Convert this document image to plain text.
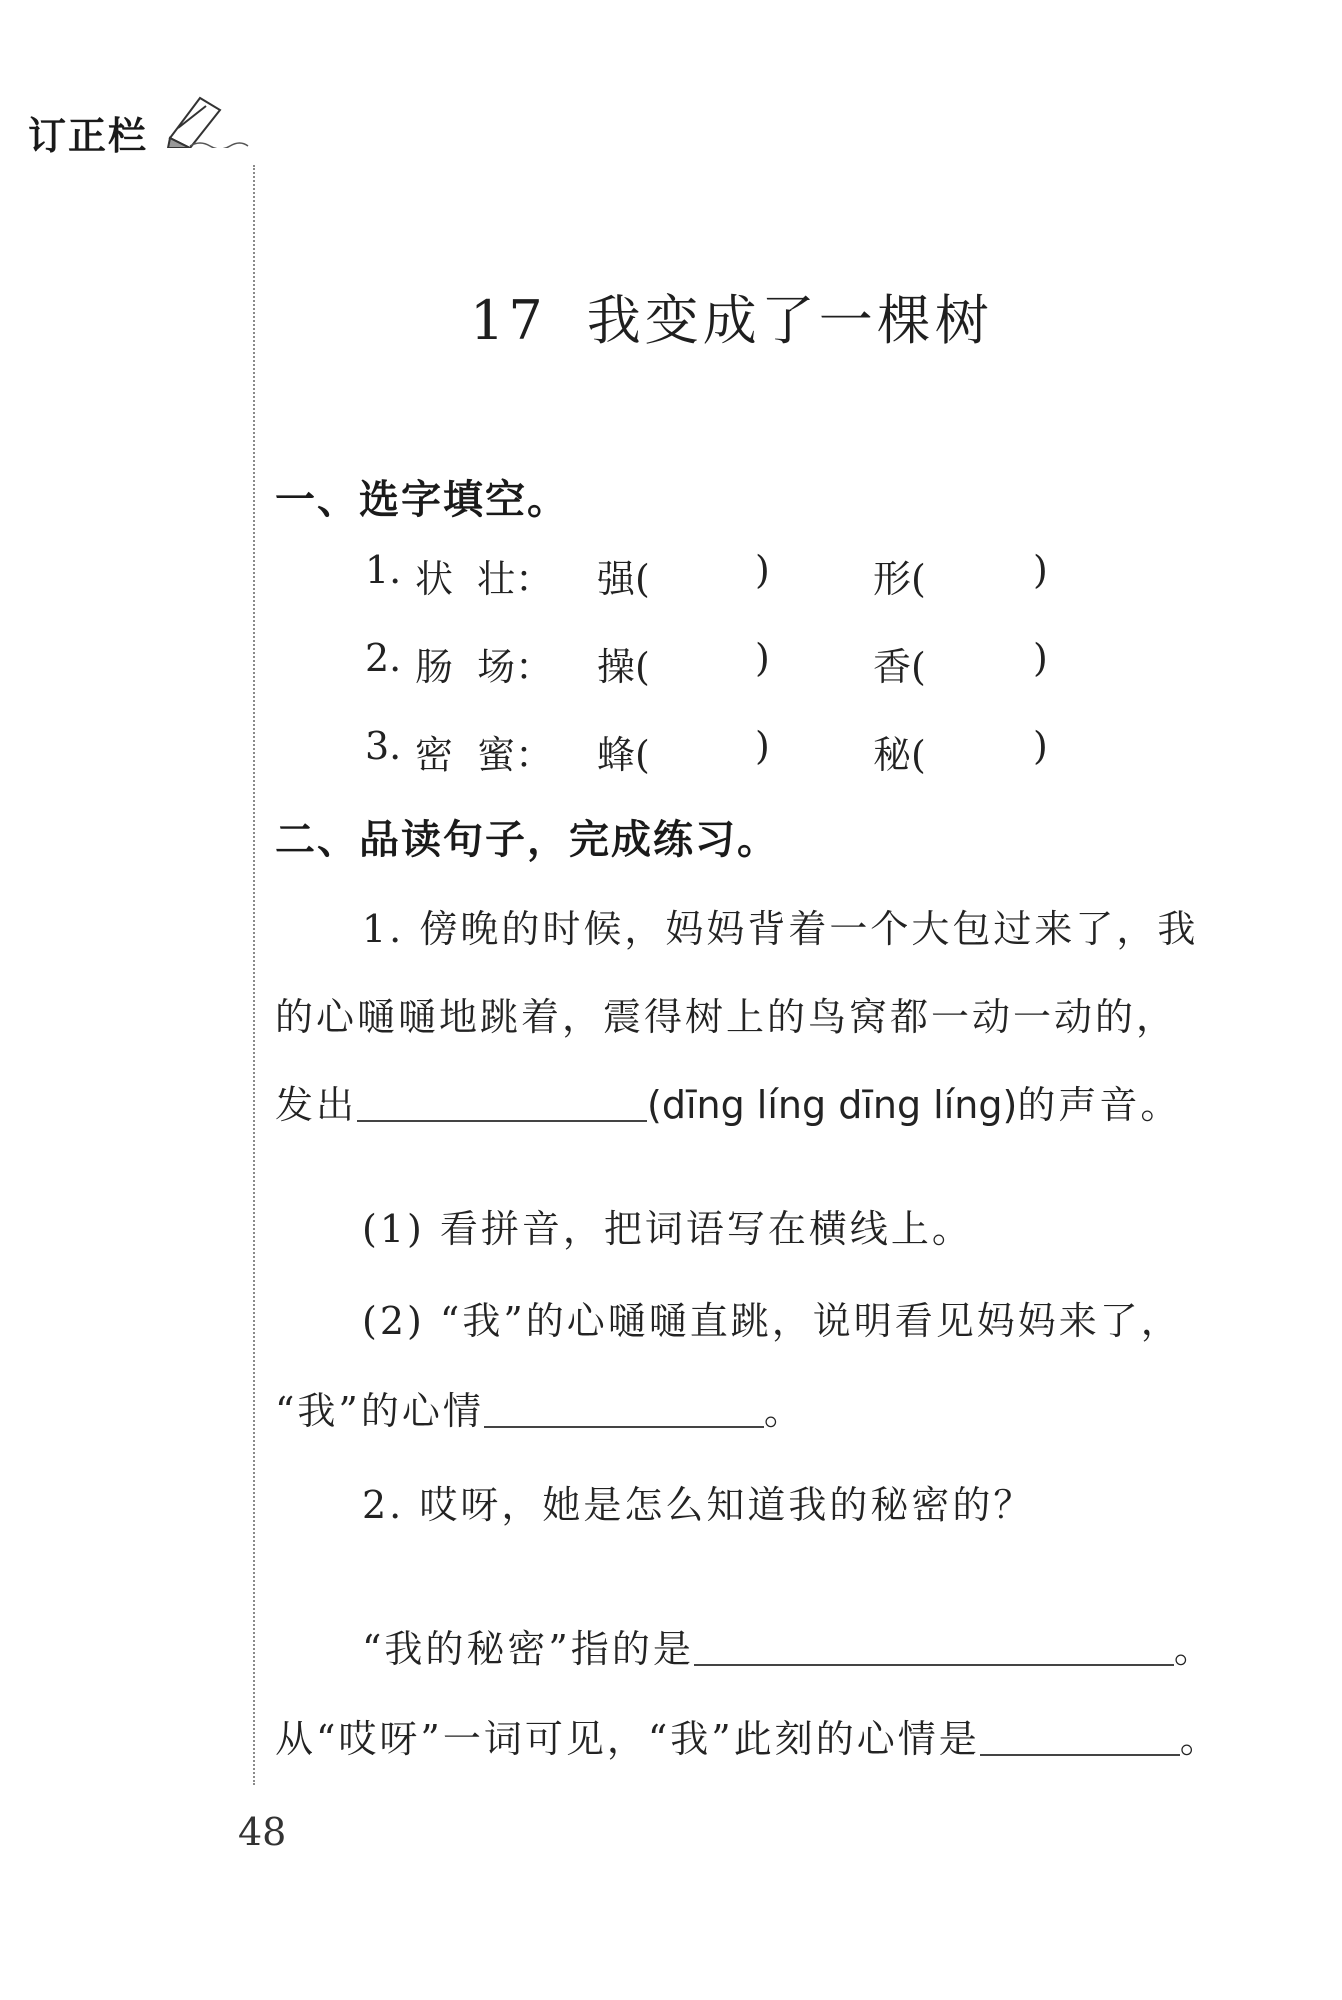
订正栏
17 我变成了一棵树
一、选字填空。
1. 状  壮： 强(	)	形(	)
2. 肠  场： 操(	)	香(	)
3. 密  蜜： 蜂(	)	秘(	)
二、品读句子，完成练习。
1. 傍晚的时候，妈妈背着一个大包过来了，我
的心嗵嗵地跳着，震得树上的鸟窝都一动一动的，
发出	(dīng líng dīng líng)的声音。
(1) 看拼音，把词语写在横线上。
(2) “我”的心嗵嗵直跳，说明看见妈妈来了，
“我”的心情	。
2. 哎呀，她是怎么知道我的秘密的？
“我的秘密”指的是	。
从“哎呀”一词可见，“我”此刻的心情是	。
48
